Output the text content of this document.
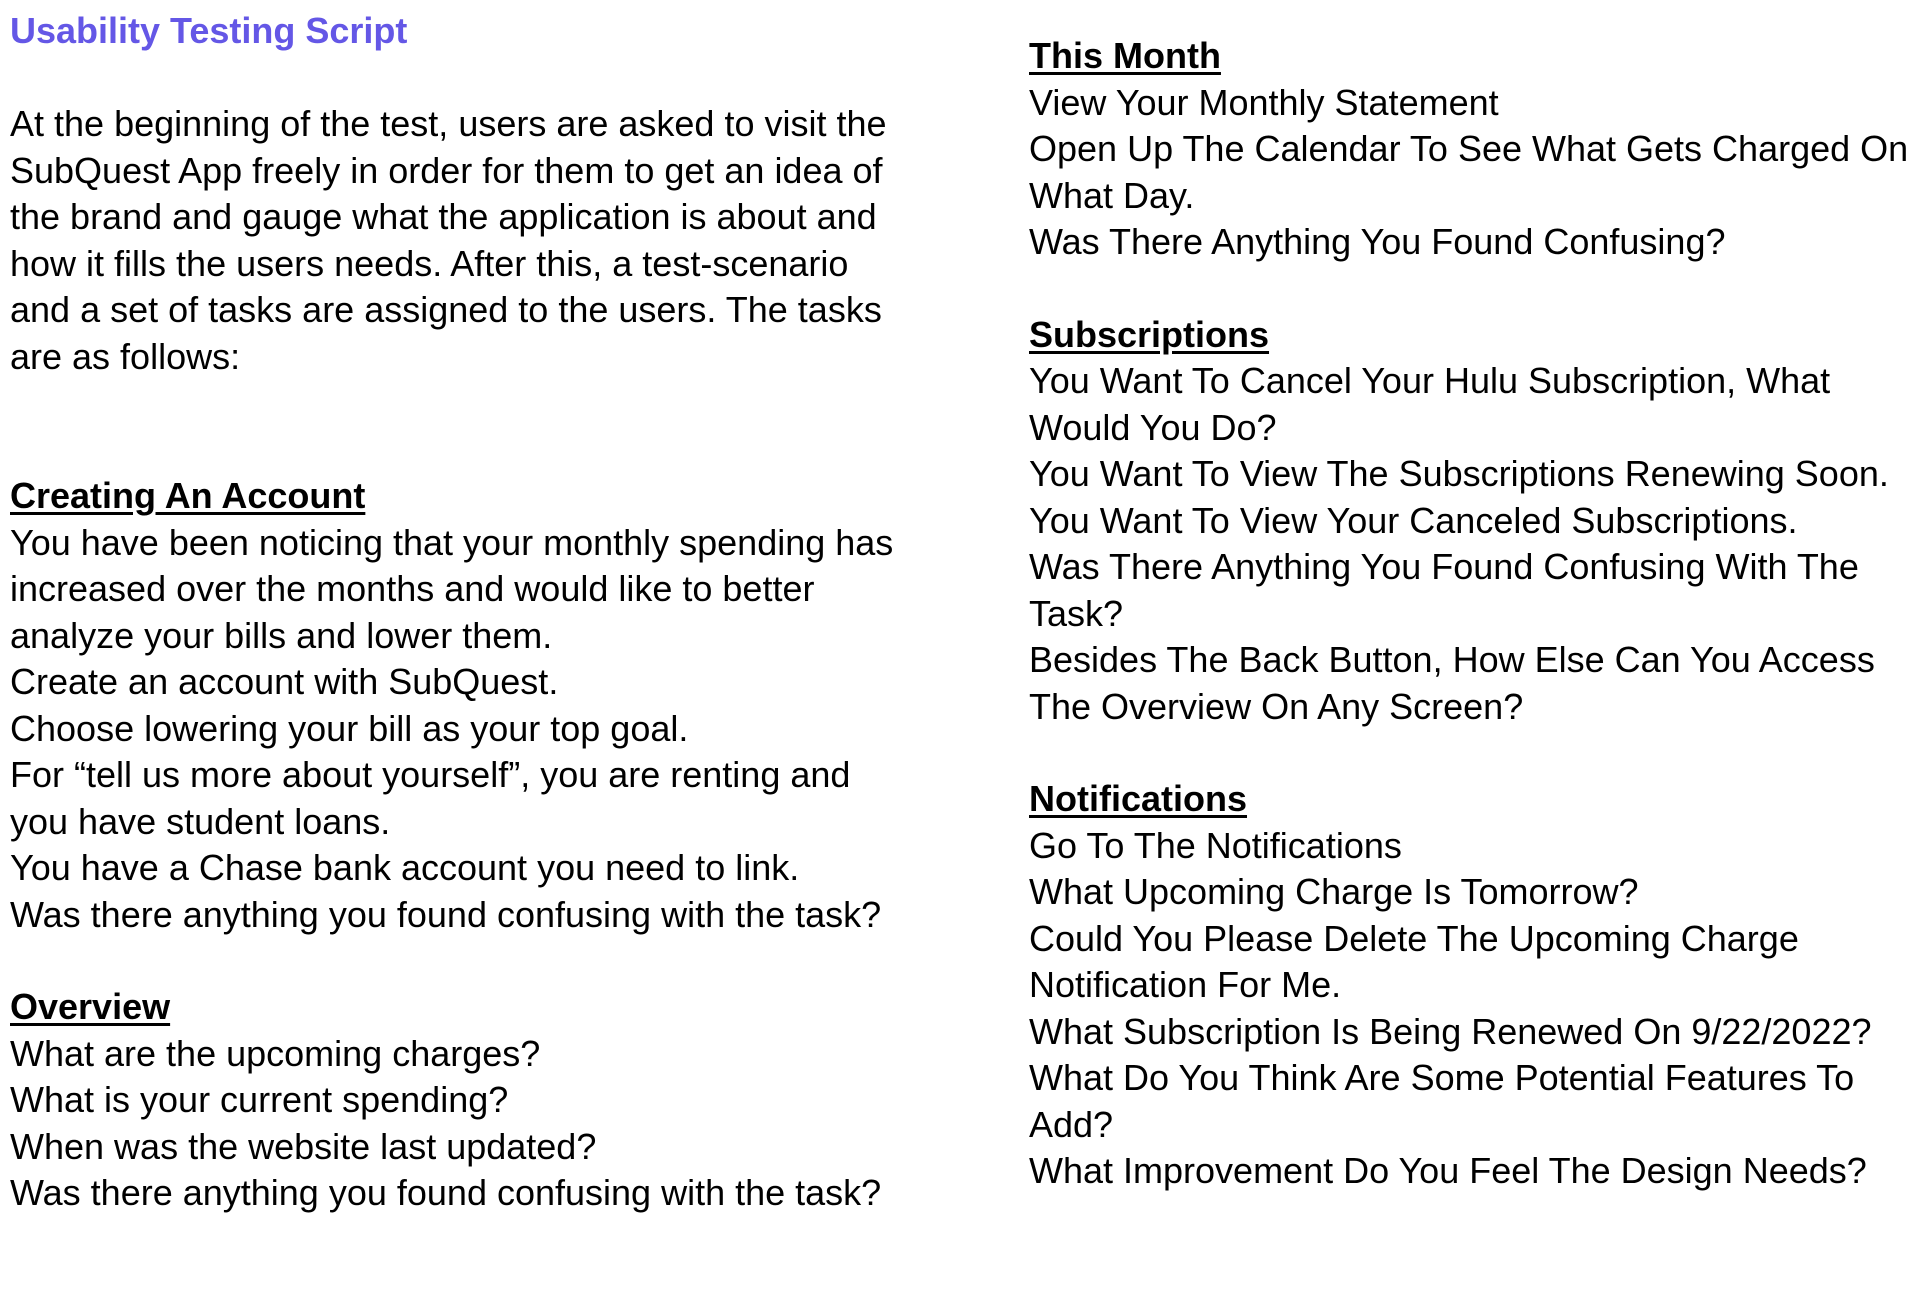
Usability Testing Script

At the beginning of the test, users are asked to visit the SubQuest App freely in order for them to get an idea of the brand and gauge what the application is about and how it fills the users needs. After this, a test-scenario and a set of tasks are assigned to the users. The tasks are as follows:

Creating An Account

You have been noticing that your monthly spending has increased over the months and would like to better analyze your bills and lower them.

Create an account with SubQuest.

Choose lowering your bill as your top goal.

For “tell us more about yourself”, you are renting and you have student loans.

You have a Chase bank account you need to link.

Was there anything you found confusing with the task?

Overview

What are the upcoming charges?

What is your current spending?

When was the website last updated?

Was there anything you found confusing with the task?

This Month

View Your Monthly Statement

Open Up The Calendar To See What Gets Charged On What Day.

Was There Anything You Found Confusing?

Subscriptions

You Want To Cancel Your Hulu Subscription, What Would You Do?

You Want To View The Subscriptions Renewing Soon.

You Want To View Your Canceled Subscriptions.

Was There Anything You Found Confusing With The Task?

Besides The Back Button, How Else Can You Access The Overview On Any Screen?

Notifications

Go To The Notifications

What Upcoming Charge Is Tomorrow?

Could You Please Delete The Upcoming Charge Notification For Me.

What Subscription Is Being Renewed On 9/22/2022?

What Do You Think Are Some Potential Features To Add?

What Improvement Do You Feel The Design Needs?
